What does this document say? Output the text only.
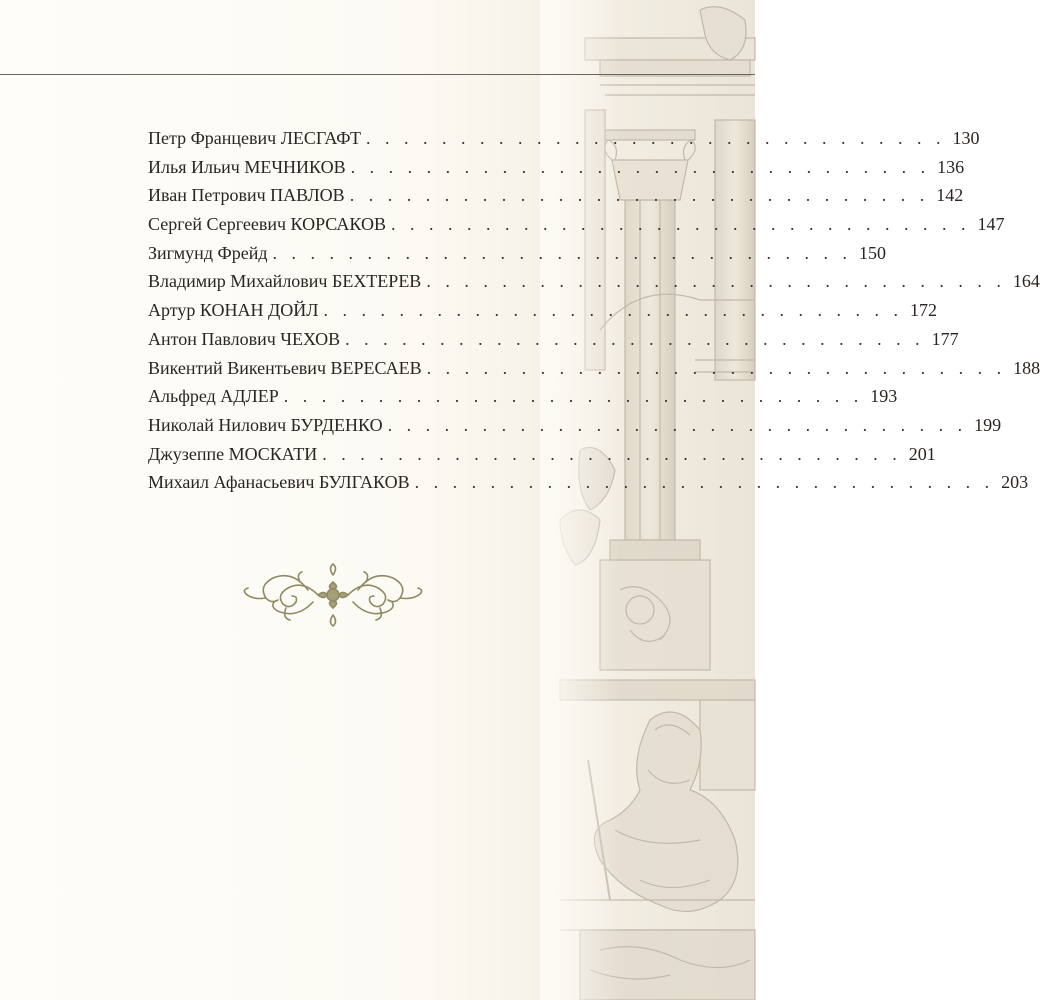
Петр Францевич ЛЕСГАФТ . . . . . . . . . . . . . . . . . . . . . . . . . . . . . . . 130
Илья Ильич МЕЧНИКОВ . . . . . . . . . . . . . . . . . . . . . . . . . . . . . . . 136
Иван Петрович ПАВЛОВ . . . . . . . . . . . . . . . . . . . . . . . . . . . . . . . 142
Сергей Сергеевич КОРСАКОВ . . . . . . . . . . . . . . . . . . . . . . . . . . . . . . . 147
Зигмунд Фрейд . . . . . . . . . . . . . . . . . . . . . . . . . . . . . . . 150
Владимир Михайлович БЕХТЕРЕВ . . . . . . . . . . . . . . . . . . . . . . . . . . . . . . . 164
Артур КОНАН ДОЙЛ . . . . . . . . . . . . . . . . . . . . . . . . . . . . . . . 172
Антон Павлович ЧЕХОВ . . . . . . . . . . . . . . . . . . . . . . . . . . . . . . . 177
Викентий Викентьевич ВЕРЕСАЕВ . . . . . . . . . . . . . . . . . . . . . . . . . . . . . . . 188
Альфред АДЛЕР . . . . . . . . . . . . . . . . . . . . . . . . . . . . . . . 193
Николай Нилович БУРДЕНКО . . . . . . . . . . . . . . . . . . . . . . . . . . . . . . . 199
Джузеппе МОСКАТИ . . . . . . . . . . . . . . . . . . . . . . . . . . . . . . . 201
Михаил Афанасьевич БУЛГАКОВ . . . . . . . . . . . . . . . . . . . . . . . . . . . . . . . 203
